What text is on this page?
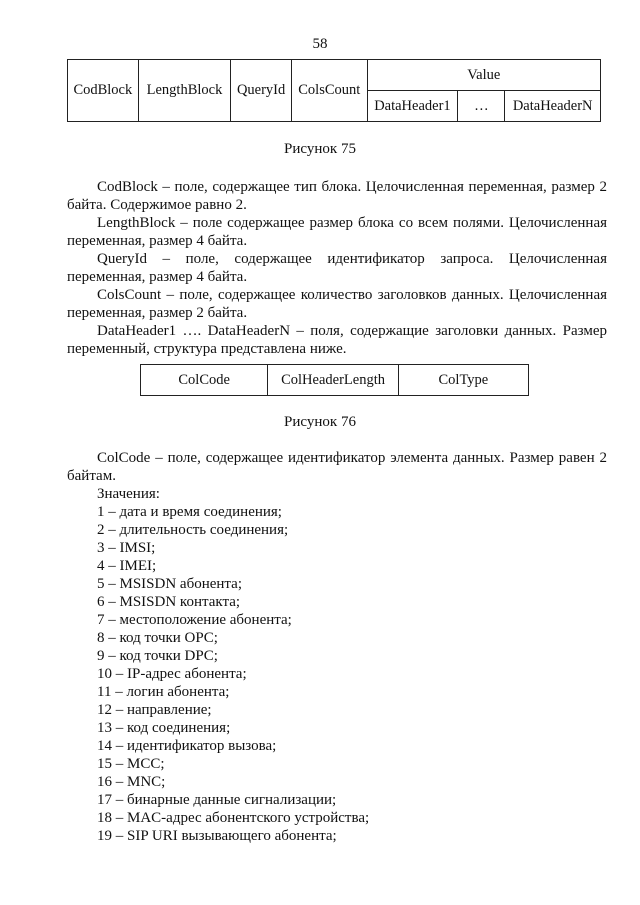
58
CodBlock	LengthBlock	QueryId	ColsCount	Value		
				DataHeader1	…	DataHeaderN
Рисунок 75

CodBlock – поле, содержащее тип блока. Целочисленная переменная, размер 2 байта. Содержимое равно 2.

LengthBlock – поле содержащее размер блока со всем полями. Целочисленная переменная, размер 4 байта.

QueryId – поле, содержащее идентификатор запроса. Целочисленная переменная, размер 4 байта.

ColsCount – поле, содержащее количество заголовков данных. Целочисленная переменная, размер 2 байта.

DataHeader1 …. DataHeaderN – поля, содержащие заголовки данных. Размер переменный, структура представлена ниже.

ColCode	ColHeaderLength	ColType
Рисунок 76

ColCode – поле, содержащее идентификатор элемента данных. Размер равен 2 байтам.

Значения:
1 – дата и время соединения;
2 – длительность соединения;
3 – IMSI;
4 – IMEI;
5 – MSISDN абонента;
6 – MSISDN контакта;
7 – местоположение абонента;
8 – код точки OPC;
9 – код точки DPC;
10 – IP-адрес абонента;
11 – логин абонента;
12 – направление;
13 – код соединения;
14 – идентификатор вызова;
15 – MCC;
16 – MNC;
17 – бинарные данные сигнализации;
18 – MAC-адрес абонентского устройства;
19 – SIP URI вызывающего абонента;
